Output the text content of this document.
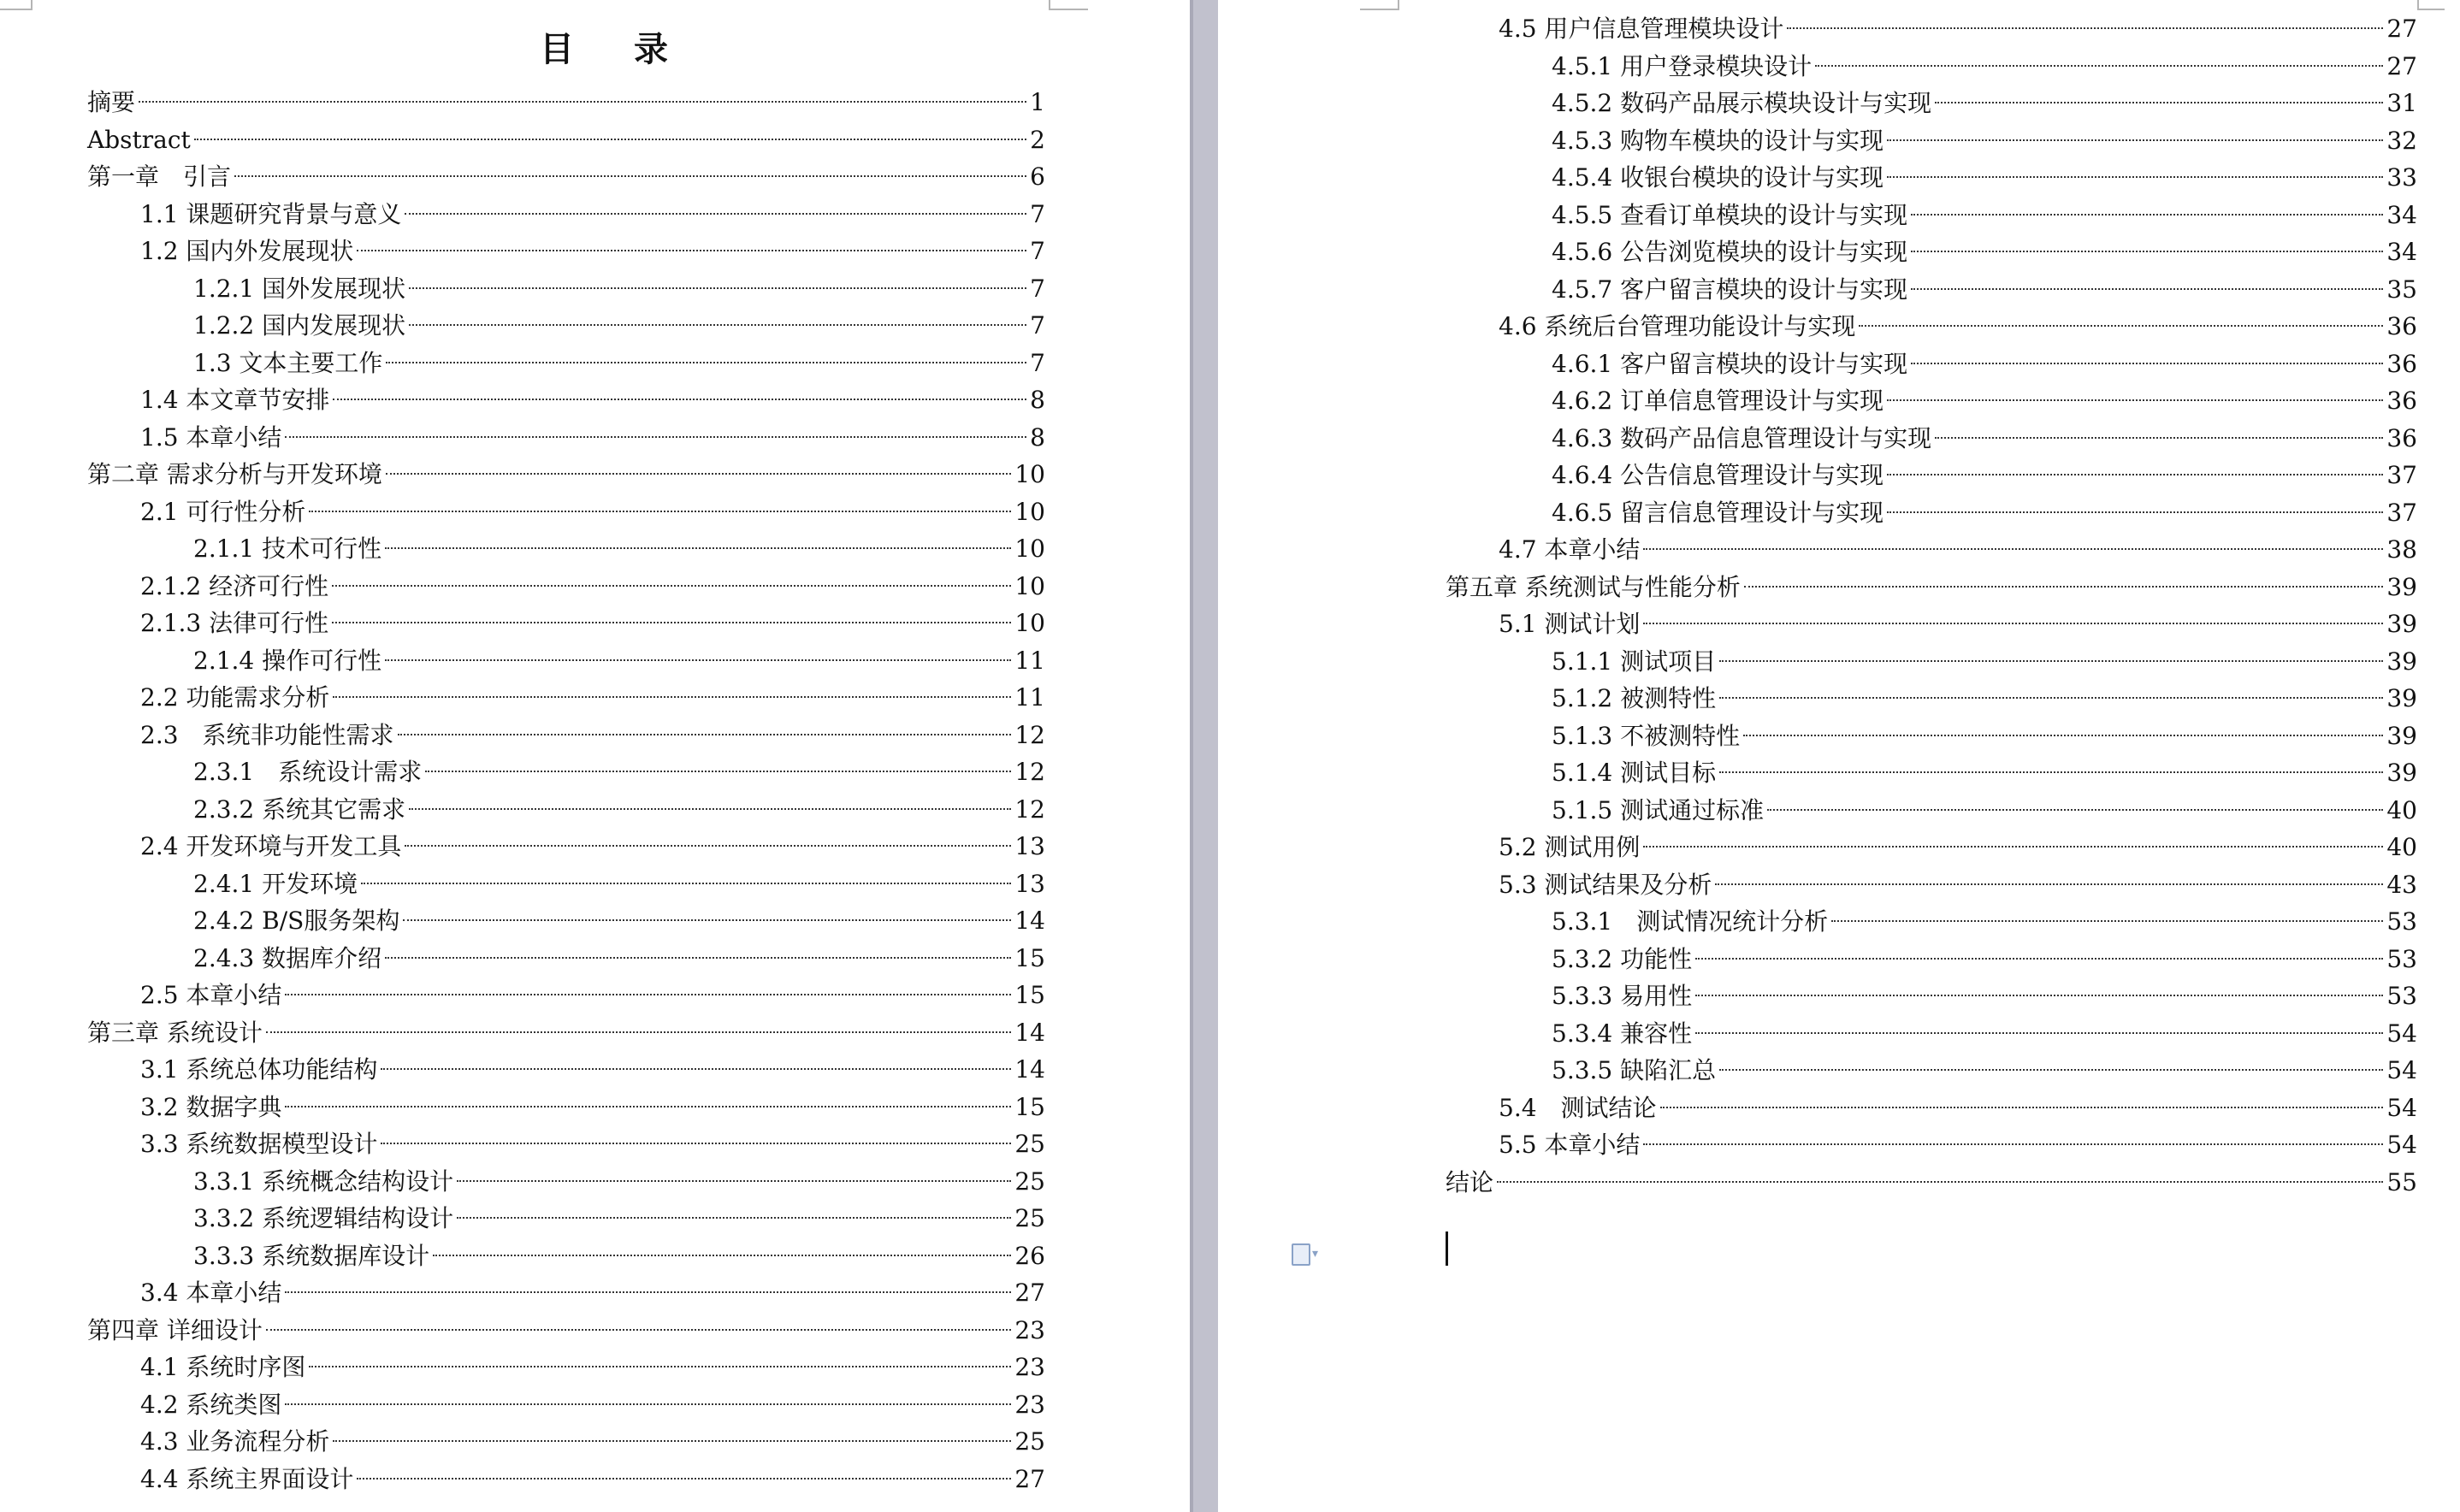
目 录
摘要	1
Abstract	2
第一章　引言	6
1.1 课题研究背景与意义	7
1.2 国内外发展现状	7
1.2.1 国外发展现状	7
1.2.2 国内发展现状	7
1.3 文本主要工作	7
1.4 本文章节安排	8
1.5 本章小结	8
第二章 需求分析与开发环境	10
2.1 可行性分析	10
2.1.1 技术可行性	10
2.1.2 经济可行性	10
2.1.3 法律可行性	10
2.1.4 操作可行性	11
2.2 功能需求分析	11
2.3　系统非功能性需求	12
2.3.1　系统设计需求	12
2.3.2 系统其它需求	12
2.4 开发环境与开发工具	13
2.4.1 开发环境	13
2.4.2 B/S服务架构	14
2.4.3 数据库介绍	15
2.5 本章小结	15
第三章 系统设计	14
3.1 系统总体功能结构	14
3.2 数据字典	15
3.3 系统数据模型设计	25
3.3.1 系统概念结构设计	25
3.3.2 系统逻辑结构设计	25
3.3.3 系统数据库设计	26
3.4 本章小结	27
第四章 详细设计	23
4.1 系统时序图	23
4.2 系统类图	23
4.3 业务流程分析	25
4.4 系统主界面设计	27
4.5 用户信息管理模块设计	27
4.5.1 用户登录模块设计	27
4.5.2 数码产品展示模块设计与实现	31
4.5.3 购物车模块的设计与实现	32
4.5.4 收银台模块的设计与实现	33
4.5.5 查看订单模块的设计与实现	34
4.5.6 公告浏览模块的设计与实现	34
4.5.7 客户留言模块的设计与实现	35
4.6 系统后台管理功能设计与实现	36
4.6.1 客户留言模块的设计与实现	36
4.6.2 订单信息管理设计与实现	36
4.6.3 数码产品信息管理设计与实现	36
4.6.4 公告信息管理设计与实现	37
4.6.5 留言信息管理设计与实现	37
4.7 本章小结	38
第五章 系统测试与性能分析	39
5.1 测试计划	39
5.1.1 测试项目	39
5.1.2 被测特性	39
5.1.3 不被测特性	39
5.1.4 测试目标	39
5.1.5 测试通过标准	40
5.2 测试用例	40
5.3 测试结果及分析	43
5.3.1　测试情况统计分析	53
5.3.2 功能性	53
5.3.3 易用性	53
5.3.4 兼容性	54
5.3.5 缺陷汇总	54
5.4　测试结论	54
5.5 本章小结	54
结论	55
▾
